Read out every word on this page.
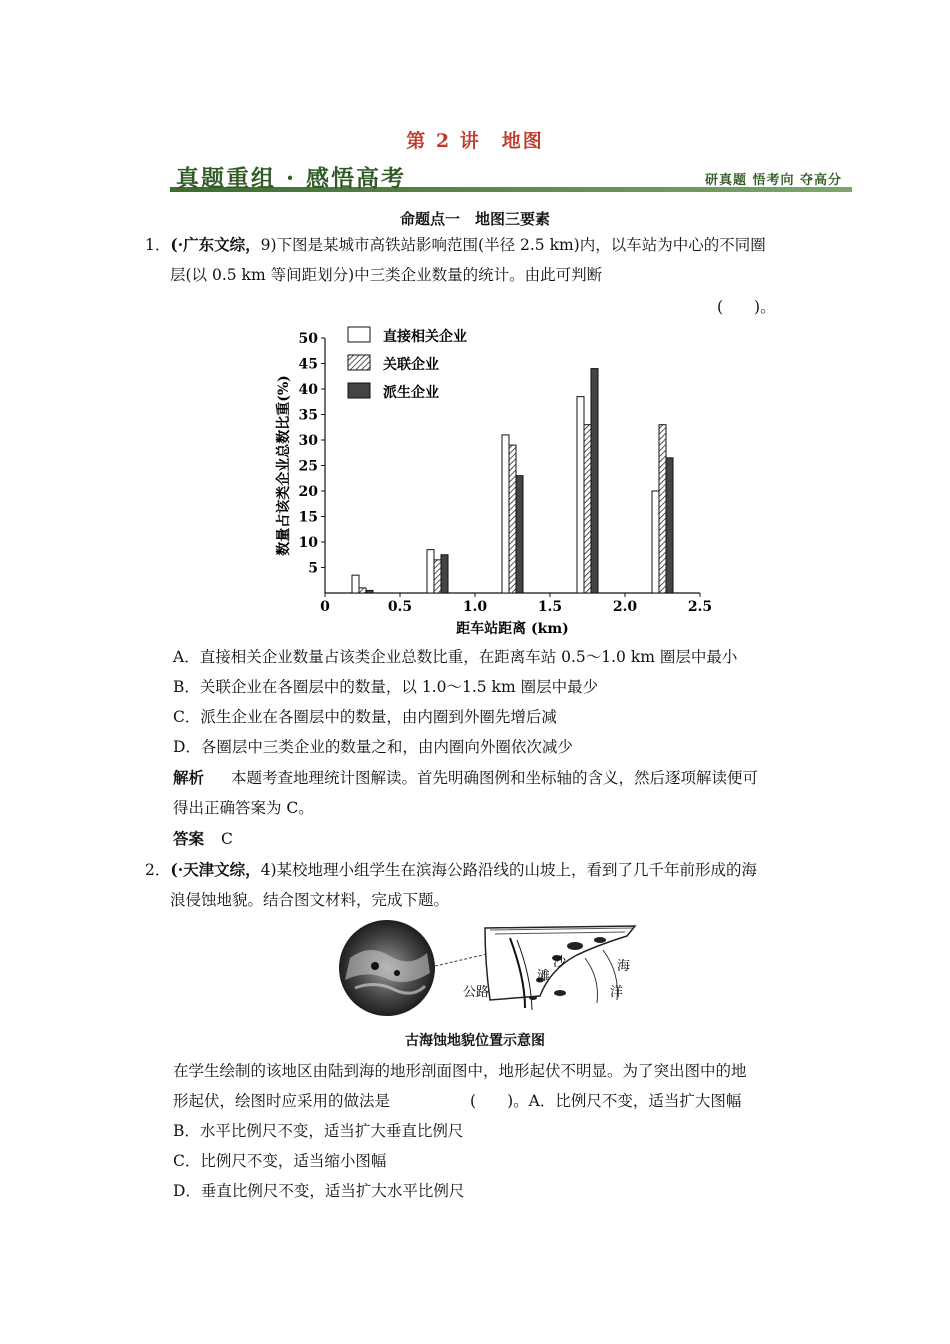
第 2 讲　地图
真题重组 · 感悟高考	研真题 悟考向 夺高分
命题点一　地图三要素
1．(·广东文综，9)下图是某城市高铁站影响范围(半径 2.5 km)内，以车站为中心的不同圈
层(以 0.5 km 等间距划分)中三类企业数量的统计。由此可判断
(　　)。
5
10
15
20
25
30
35
40
45
50
0	0.5	1.0	1.5	2.0	2.5
直接相关企业
关联企业
派生企业
距车站距离 (km)
数量占该类企业总数比重(%)
A．直接相关企业数量占该类企业总数比重，在距离车站 0.5～1.0 km 圈层中最小
B．关联企业在各圈层中的数量，以 1.0～1.5 km 圈层中最少
C．派生企业在各圈层中的数量，由内圈到外圈先增后减
D．各圈层中三类企业的数量之和，由内圈向外圈依次减少
解析 本题考查地理统计图解读。首先明确图例和坐标轴的含义，然后逐项解读便可
得出正确答案为 C。
答案 C
2．(·天津文综，4)某校地理小组学生在滨海公路沿线的山坡上，看到了几千年前形成的海
浪侵蚀地貌。结合图文材料，完成下题。
公路
沙
滩
海
洋
古海蚀地貌位置示意图
在学生绘制的该地区由陆到海的地形剖面图中，地形起伏不明显。为了突出图中的地
形起伏，绘图时应采用的做法是	(　　)。A．比例尺不变，适当扩大图幅
B．水平比例尺不变，适当扩大垂直比例尺
C．比例尺不变，适当缩小图幅
D．垂直比例尺不变，适当扩大水平比例尺
